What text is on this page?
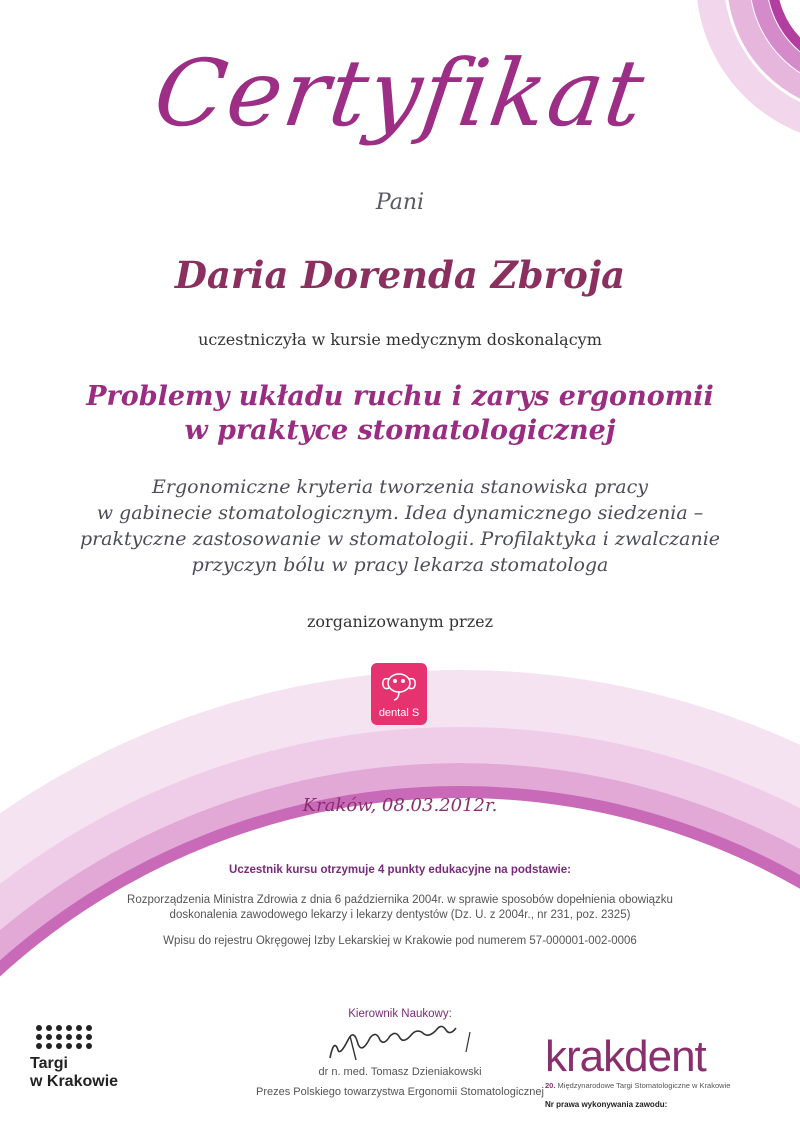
Certyfikat
Pani
Daria Dorenda Zbroja
uczestniczyła w kursie medycznym doskonalącym
Problemy układu ruchu i zarys ergonomii
w praktyce stomatologicznej
Ergonomiczne kryteria tworzenia stanowiska pracy
w gabinecie stomatologicznym. Idea dynamicznego siedzenia –
praktyczne zastosowanie w stomatologii. Profilaktyka i zwalczanie
przyczyn bólu w pracy lekarza stomatologa
zorganizowanym przez
dental S
Kraków, 08.03.2012r.
Uczestnik kursu otrzymuje 4 punkty edukacyjne na podstawie:
Rozporządzenia Ministra Zdrowia z dnia 6 października 2004r. w sprawie sposobów dopełnienia obowiązku
doskonalenia zawodowego lekarzy i lekarzy dentystów (Dz. U. z 2004r., nr 231, poz. 2325)
Wpisu do rejestru Okręgowej Izby Lekarskiej w Krakowie pod numerem 57-000001-002-0006
Kierownik Naukowy:
dr n. med. Tomasz Dzieniakowski
Prezes Polskiego towarzystwa Ergonomii Stomatologicznej
Targi
w Krakowie
krakdent
20. Międzynarodowe Targi Stomatologiczne w Krakowie
Nr prawa wykonywania zawodu:
